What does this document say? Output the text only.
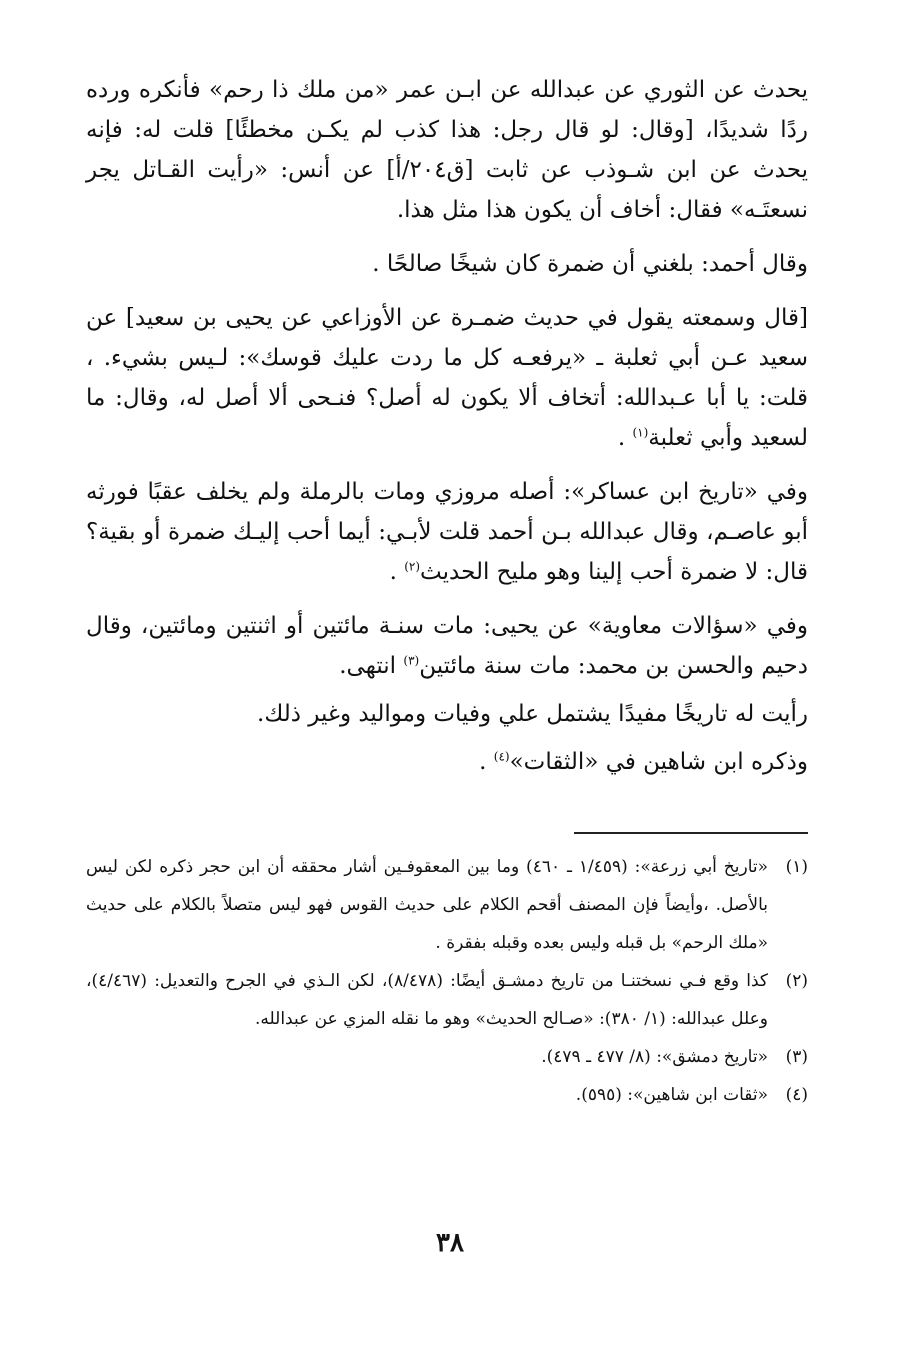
يحدث عن الثوري عن عبدالله عن ابـن عمر «من ملك ذا رحم» فأنكره ورده ردًا شديدًا، [وقال: لو قال رجل: هذا كذب لم يكـن مخطئًا] قلت له: فإنه يحدث عن ابن شـوذب عن ثابت [ق٢٠٤/أ] عن أنس: «رأيت القـاتل يجر نسعتَـه» فقال: أخاف أن يكون هذا مثل هذا.

وقال أحمد: بلغني أن ضمرة كان شيخًا صالحًا .

[قال وسمعته يقول في حديث ضمـرة عن الأوزاعي عن يحيى بن سعيد] عن سعيد عـن أبي ثعلبة ـ «يرفعـه كل ما ردت عليك قوسك»: لـيس بشيء. ، قلت: يا أبا عـبدالله: أتخاف ألا يكون له أصل؟ فنـحى ألا أصل له، وقال: ما لسعيد وأبي ثعلبة$^{(١)}$ .

وفي «تاريخ ابن عساكر»: أصله مروزي ومات بالرملة ولم يخلف عقبًا فورثه أبو عاصـم، وقال عبدالله بـن أحمد قلت لأبـي: أيما أحب إليـك ضمرة أو بقية؟ قال: لا ضمرة أحب إلينا وهو مليح الحديث$^{(٢)}$ .

وفي «سؤالات معاوية» عن يحيى: مات سنـة مائتين أو اثنتين ومائتين، وقال دحيم والحسن بن محمد: مات سنة مائتين$^{(٣)}$ انتهى.

رأيت له تاريخًا مفيدًا يشتمل علي وفيات ومواليد وغير ذلك.

وذكره ابن شاهين في «الثقات»$^{(٤)}$ .

(١)
«تاريخ أبي زرعة»: (١/٤٥٩ ـ ٤٦٠) وما بين المعقوفـين أشار محققه أن ابن حجر ذكره لكن ليس بالأصل. ،وأيضاً فإن المصنف أقحم الكلام على حديث القوس فهو ليس متصلاً بالكلام على حديث «ملك الرحم» بل قبله وليس بعده وقبله بفقرة .
(٢)
كذا وقع فـي نسختنـا من تاريخ دمشـق أيضًا: (٨/٤٧٨)، لكن الـذي في الجرح والتعديل: (٤/٤٦٧)، وعلل عبدالله: (١/ ٣٨٠): «صـالح الحديث» وهو ما نقله المزي عن عبدالله.
(٣)
«تاريخ دمشق»: (٨/ ٤٧٧ ـ ٤٧٩).
(٤)
«ثقات ابن شاهين»: (٥٩٥).
٣٨
